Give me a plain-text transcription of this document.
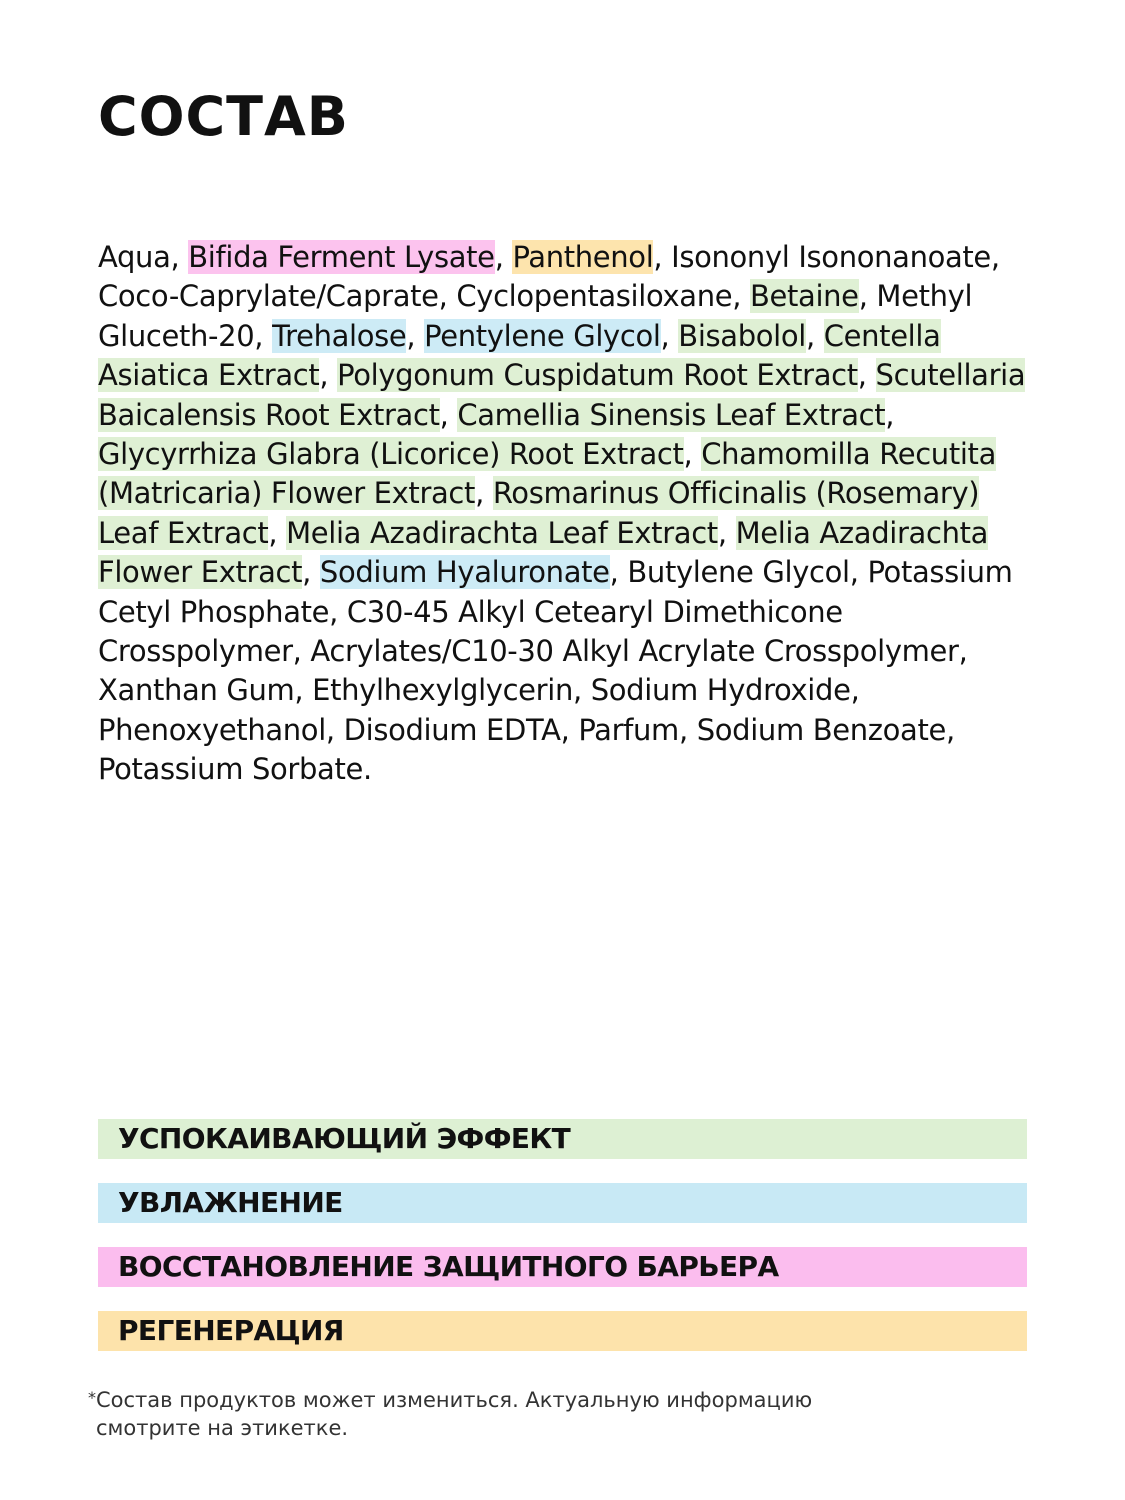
СОСТАВ

Aqua, Bifida Ferment Lysate, Panthenol, Isononyl Isononanoate, Coco-Caprylate/Caprate, Cyclopentasiloxane, Betaine, Methyl Gluceth-20, Trehalose, Pentylene Glycol, Bisabolol, Centella Asiatica Extract, Polygonum Cuspidatum Root Extract, Scutellaria Baicalensis Root Extract, Camellia Sinensis Leaf Extract, Glycyrrhiza Glabra (Licorice) Root Extract, Chamomilla Recutita (Matricaria) Flower Extract, Rosmarinus Officinalis (Rosemary) Leaf Extract, Melia Azadirachta Leaf Extract, Melia Azadirachta Flower Extract, Sodium Hyaluronate, Butylene Glycol, Potassium Cetyl Phosphate, C30-45 Alkyl Cetearyl Dimethicone Crosspolymer, Acrylates/C10-30 Alkyl Acrylate Crosspolymer, Xanthan Gum, Ethylhexylglycerin, Sodium Hydroxide, Phenoxyethanol, Disodium EDTA, Parfum, Sodium Benzoate, Potassium Sorbate.

УСПОКАИВАЮЩИЙ ЭФФЕКТ
УВЛАЖНЕНИЕ
ВОССТАНОВЛЕНИЕ ЗАЩИТНОГО БАРЬЕРА
РЕГЕНЕРАЦИЯ
*Состав продуктов может измениться. Актуальную информацию смотрите на этикетке.
